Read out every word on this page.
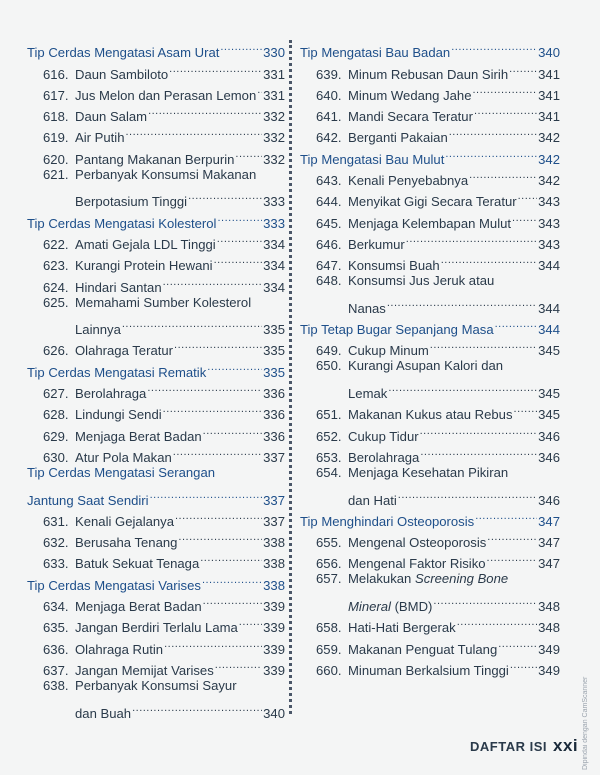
Tip Cerdas Mengatasi Asam Urat .....	330
616. Daun Sambiloto .....	331
617. Jus Melon dan Perasan Lemon ..... 331
618. Daun Salam .....	332
619. Air Putih .....	332
620. Pantang Makanan Berpurin ..... 332
621. Perbanyak Konsumsi Makanan
Berpotasium Tinggi .....	333
Tip Cerdas Mengatasi Kolesterol .....	333
622. Amati Gejala LDL Tinggi .....	334
623. Kurangi Protein Hewani .....	334
624. Hindari Santan .....	334
625. Memahami Sumber Kolesterol
Lainnya .....	335
626. Olahraga Teratur .....	335
Tip Cerdas Mengatasi Rematik .....	335
627. Berolahraga .....	336
628. Lindungi Sendi .....	336
629. Menjaga Berat Badan .....	336
630. Atur Pola Makan .....	337
Tip Cerdas Mengatasi Serangan
Jantung Saat Sendiri .....	337
631. Kenali Gejalanya .....	337
632. Berusaha Tenang .....	338
633. Batuk Sekuat Tenaga .....	338
Tip Cerdas Mengatasi Varises .....	338
634. Menjaga Berat Badan .....	339
635. Jangan Berdiri Terlalu Lama ..... 339
636. Olahraga Rutin .....	339
637. Jangan Memijat Varises .....	339
638. Perbanyak Konsumsi Sayur
dan Buah .....	340
Tip Mengatasi Bau Badan .....	340
639. Minum Rebusan Daun Sirih ..... 341
640. Minum Wedang Jahe .....	341
641. Mandi Secara Teratur .....	341
642. Berganti Pakaian .....	342
Tip Mengatasi Bau Mulut .....	342
643. Kenali Penyebabnya .....	342
644. Menyikat Gigi Secara Teratur ..... 343
645. Menjaga Kelembapan Mulut ..... 343
646. Berkumur .....	343
647. Konsumsi Buah .....	344
648. Konsumsi Jus Jeruk atau
Nanas .....	344
Tip Tetap Bugar Sepanjang Masa .....	344
649. Cukup Minum .....	345
650. Kurangi Asupan Kalori dan
Lemak .....	345
651. Makanan Kukus atau Rebus ..... 345
652. Cukup Tidur .....	346
653. Berolahraga .....	346
654. Menjaga Kesehatan Pikiran
dan Hati .....	346
Tip Menghindari Osteoporosis .....	347
655. Mengenal Osteoporosis .....	347
656. Mengenal Faktor Risiko .....	347
657. Melakukan Screening Bone
Mineral (BMD) .....	348
658. Hati-Hati Bergerak .....	348
659. Makanan Penguat Tulang .....	349
660. Minuman Berkalsium Tinggi ..... 349
DAFTAR ISI xxi Dipindai dengan CamScanner
